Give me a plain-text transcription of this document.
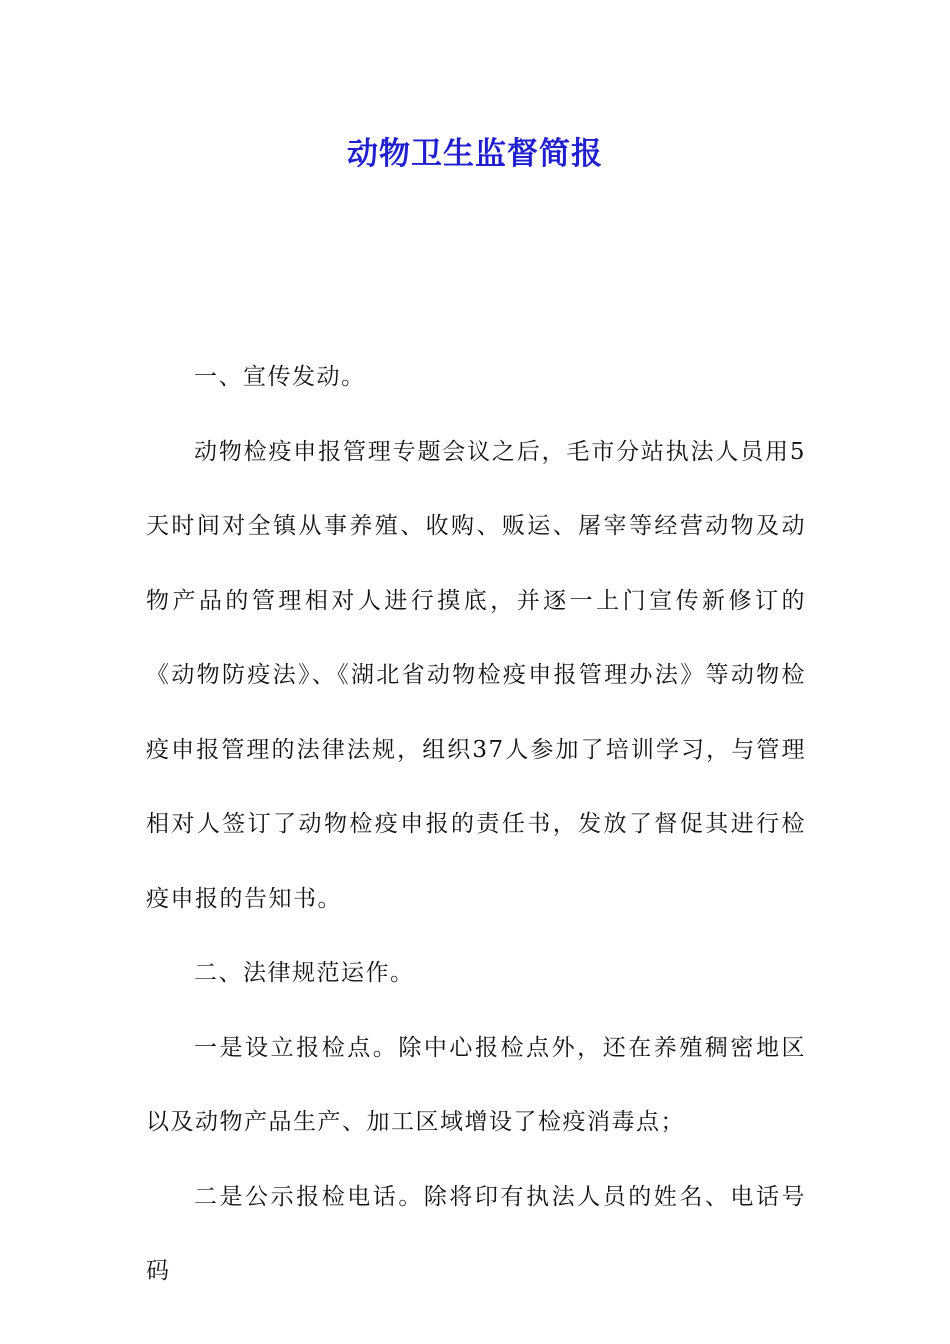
动物卫生监督简报

一、宣传发动。

动物检疫申报管理专题会议之后，毛市分站执法人员用5天时间对全镇从事养殖、收购、贩运、屠宰等经营动物及动物产品的管理相对人进行摸底，并逐一上门宣传新修订的《动物防疫法》、《湖北省动物检疫申报管理办法》等动物检疫申报管理的法律法规，组织37人参加了培训学习，与管理相对人签订了动物检疫申报的责任书，发放了督促其进行检疫申报的告知书。

二、法律规范运作。

一是设立报检点。除中心报检点外，还在养殖稠密地区以及动物产品生产、加工区域增设了检疫消毒点；

二是公示报检电话。除将印有执法人员的姓名、电话号码
